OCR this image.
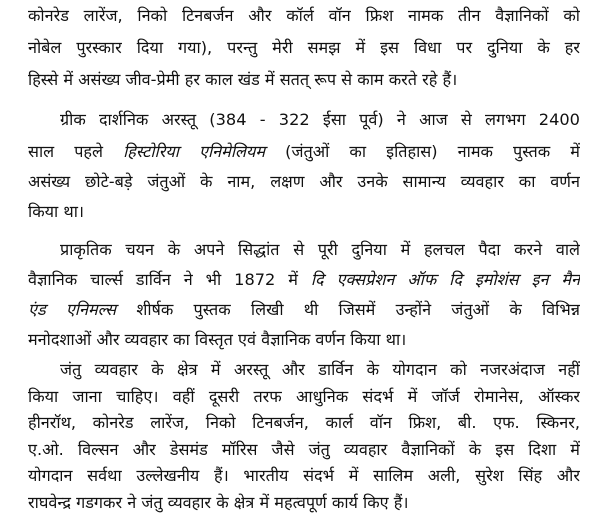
कोनरेड लारेंज, निको टिनबर्जन और कॉर्ल वॉन फ्रिश नामक तीन वैज्ञानिकों को
नोबेल पुरस्कार दिया गया), परन्तु मेरी समझ में इस विधा पर दुनिया के हर
हिस्से में असंख्य जीव-प्रेमी हर काल खंड में सतत् रूप से काम करते रहे हैं।
ग्रीक दार्शनिक अरस्तू (384 - 322 ईसा पूर्व) ने आज से लगभग 2400
साल पहले हिस्टोरिया एनिमेलियम (जंतुओं का इतिहास) नामक पुस्तक में
असंख्य छोटे-बड़े जंतुओं के नाम, लक्षण और उनके सामान्य व्यवहार का वर्णन
किया था।
प्राकृतिक चयन के अपने सिद्धांत से पूरी दुनिया में हलचल पैदा करने वाले
वैज्ञानिक चार्ल्स डार्विन ने भी 1872 में दि एक्सप्रेशन ऑफ दि इमोशंस इन मैन
एंड एनिमल्स शीर्षक पुस्तक लिखी थी जिसमें उन्होंने जंतुओं के विभिन्न
मनोदशाओं और व्यवहार का विस्तृत एवं वैज्ञानिक वर्णन किया था।
जंतु व्यवहार के क्षेत्र में अरस्तू और डार्विन के योगदान को नजरअंदाज नहीं
किया जाना चाहिए। वहीं दूसरी तरफ आधुनिक संदर्भ में जॉर्ज रोमानेस, ऑस्कर
हीनरॉथ, कोनरेड लारेंज, निको टिनबर्जन, कार्ल वॉन फ्रिश, बी. एफ. स्किनर,
ए.ओ. विल्सन और डेसमंड मॉरिस जैसे जंतु व्यवहार वैज्ञानिकों के इस दिशा में
योगदान सर्वथा उल्लेखनीय हैं। भारतीय संदर्भ में सालिम अली, सुरेश सिंह और
राघवेन्द्र गडगकर ने जंतु व्यवहार के क्षेत्र में महत्वपूर्ण कार्य किए हैं।
